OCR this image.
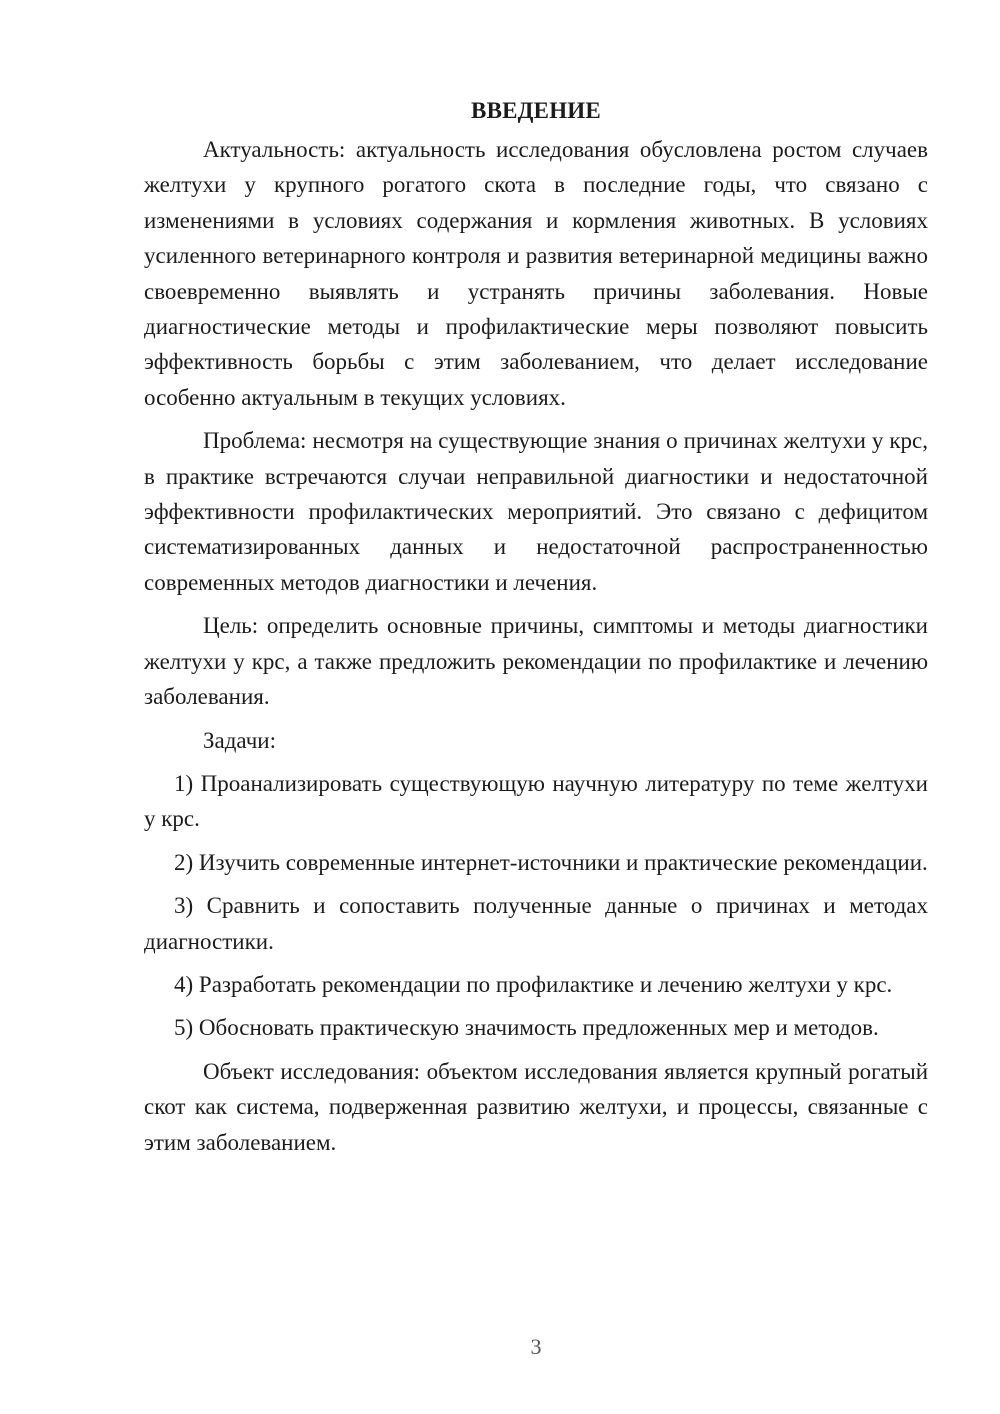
ВВЕДЕНИЕ

Актуальность: актуальность исследования обусловлена ростом случаев желтухи у крупного рогатого скота в последние годы, что связано с изменениями в условиях содержания и кормления животных. В условиях усиленного ветеринарного контроля и развития ветеринарной медицины важно своевременно выявлять и устранять причины заболевания. Новые диагностические методы и профилактические меры позволяют повысить эффективность борьбы с этим заболеванием, что делает исследование особенно актуальным в текущих условиях.

Проблема: несмотря на существующие знания о причинах желтухи у крс, в практике встречаются случаи неправильной диагностики и недостаточной эффективности профилактических мероприятий. Это связано с дефицитом систематизированных данных и недостаточной распространенностью современных методов диагностики и лечения.

Цель: определить основные причины, симптомы и методы диагностики желтухи у крс, а также предложить рекомендации по профилактике и лечению заболевания.

Задачи:

1) Проанализировать существующую научную литературу по теме желтухи у крс.

2) Изучить современные интернет-источники и практические рекомендации.

3) Сравнить и сопоставить полученные данные о причинах и методах диагностики.

4) Разработать рекомендации по профилактике и лечению желтухи у крс.

5) Обосновать практическую значимость предложенных мер и методов.

Объект исследования: объектом исследования является крупный рогатый скот как система, подверженная развитию желтухи, и процессы, связанные с этим заболеванием.

3
